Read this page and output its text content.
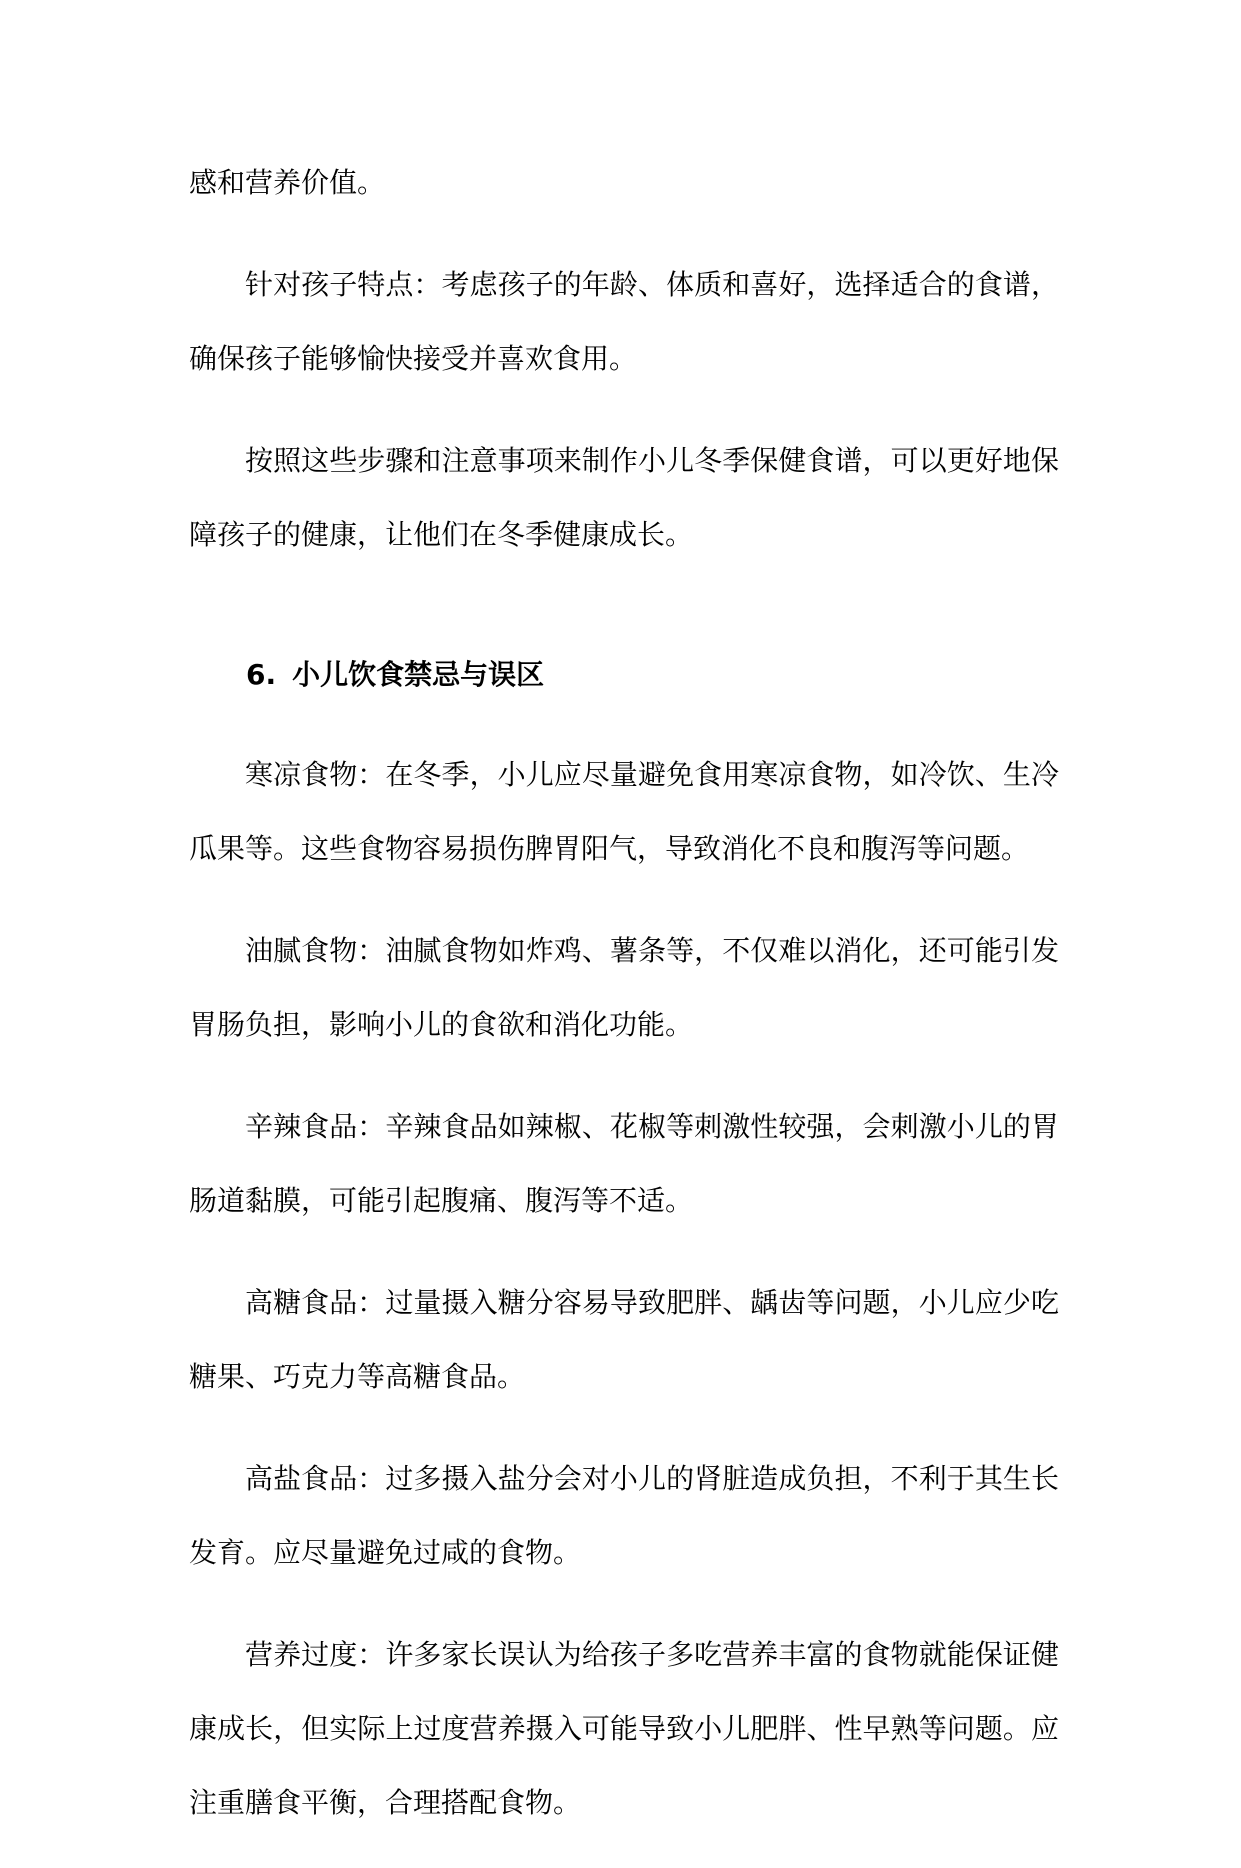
感和营养价值。

针对孩子特点：考虑孩子的年龄、体质和喜好，选择适合的食谱，确保孩子能够愉快接受并喜欢食用。

按照这些步骤和注意事项来制作小儿冬季保健食谱，可以更好地保障孩子的健康，让他们在冬季健康成长。

6. 小儿饮食禁忌与误区

寒凉食物：在冬季，小儿应尽量避免食用寒凉食物，如冷饮、生冷瓜果等。这些食物容易损伤脾胃阳气，导致消化不良和腹泻等问题。

油腻食物：油腻食物如炸鸡、薯条等，不仅难以消化，还可能引发胃肠负担，影响小儿的食欲和消化功能。

辛辣食品：辛辣食品如辣椒、花椒等刺激性较强，会刺激小儿的胃肠道黏膜，可能引起腹痛、腹泻等不适。

高糖食品：过量摄入糖分容易导致肥胖、龋齿等问题，小儿应少吃糖果、巧克力等高糖食品。

高盐食品：过多摄入盐分会对小儿的肾脏造成负担，不利于其生长发育。应尽量避免过咸的食物。

营养过度：许多家长误认为给孩子多吃营养丰富的食物就能保证健康成长，但实际上过度营养摄入可能导致小儿肥胖、性早熟等问题。应注重膳食平衡，合理搭配食物。
